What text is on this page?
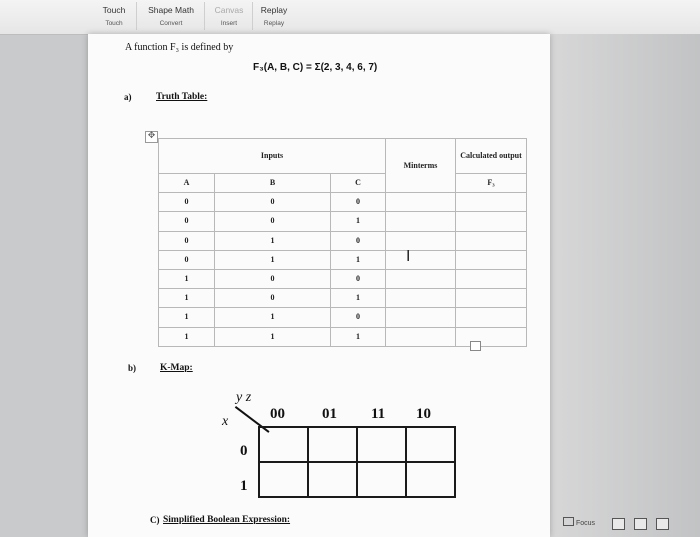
Touch
Touch
Shape Math
Convert
Canvas
Insert
Replay
Replay
A function F₃ is defined by
F₃(A, B, C) = Σ(2, 3, 4, 6, 7)
a)	Truth Table:
✥
Inputs			Minterms	Calculated output
A	B	C		F₃
0	0	0		
0	0	1		
0	1	0		
0	1	1		
1	0	0		
1	0	1		
1	1	0		
1	1	1		
I
b)	K-Map:
y z
x	00 01 11 10
0
1

C) Simplified Boolean Expression:	Focus
